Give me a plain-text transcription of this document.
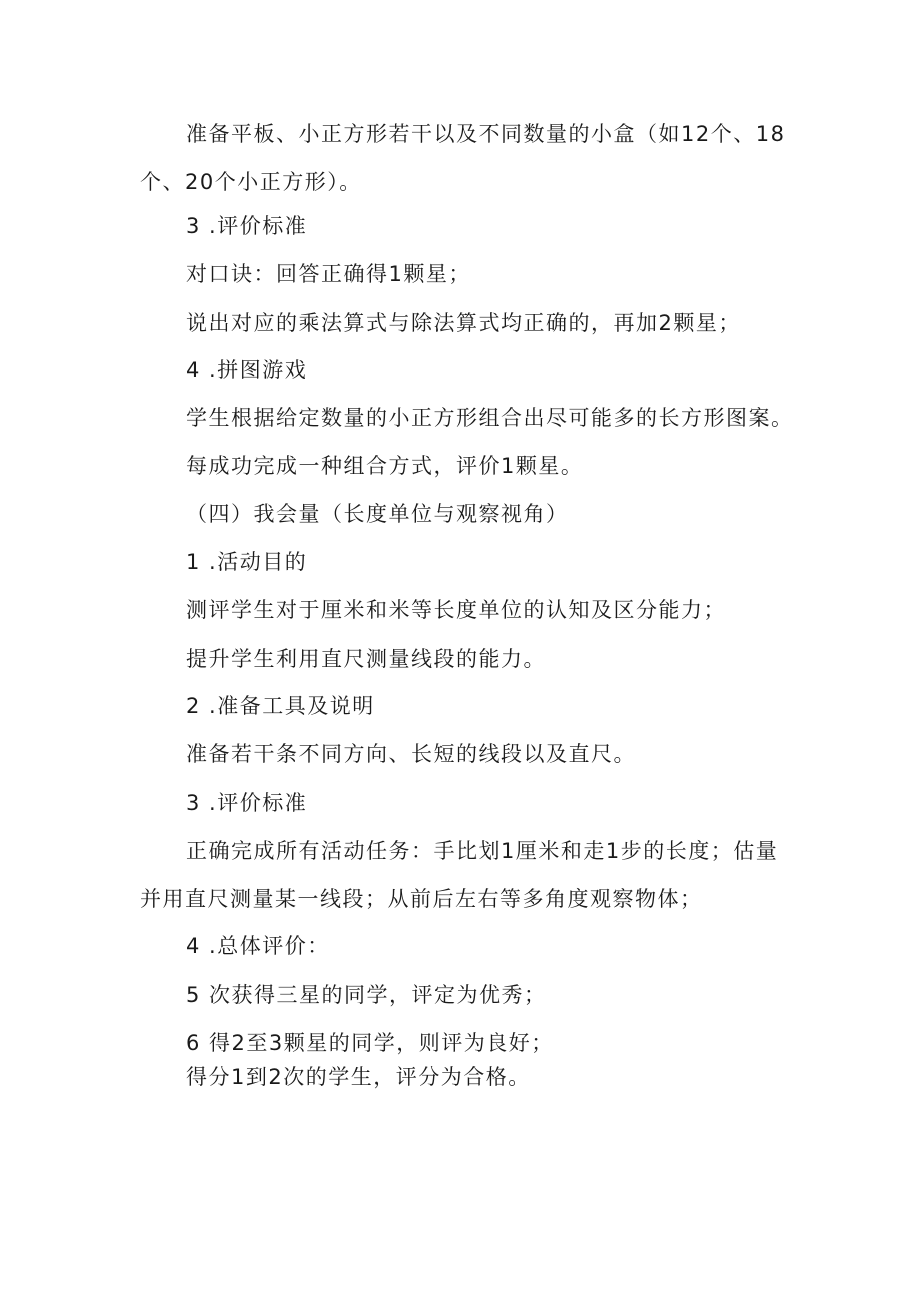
准备平板、小正方形若干以及不同数量的小盒（如12个、18个、20个小正方形）。
3 .评价标准
对口诀：回答正确得1颗星；
说出对应的乘法算式与除法算式均正确的，再加2颗星；
4 .拼图游戏
学生根据给定数量的小正方形组合出尽可能多的长方形图案。
每成功完成一种组合方式，评价1颗星。
（四）我会量（长度单位与观察视角）
1 .活动目的
测评学生对于厘米和米等长度单位的认知及区分能力；
提升学生利用直尺测量线段的能力。
2 .准备工具及说明
准备若干条不同方向、长短的线段以及直尺。
3 .评价标准
正确完成所有活动任务：手比划1厘米和走1步的长度；估量并用直尺测量某一线段；从前后左右等多角度观察物体；
4 .总体评价：
5 次获得三星的同学，评定为优秀；
6 得2至3颗星的同学，则评为良好；
得分1到2次的学生，评分为合格。
